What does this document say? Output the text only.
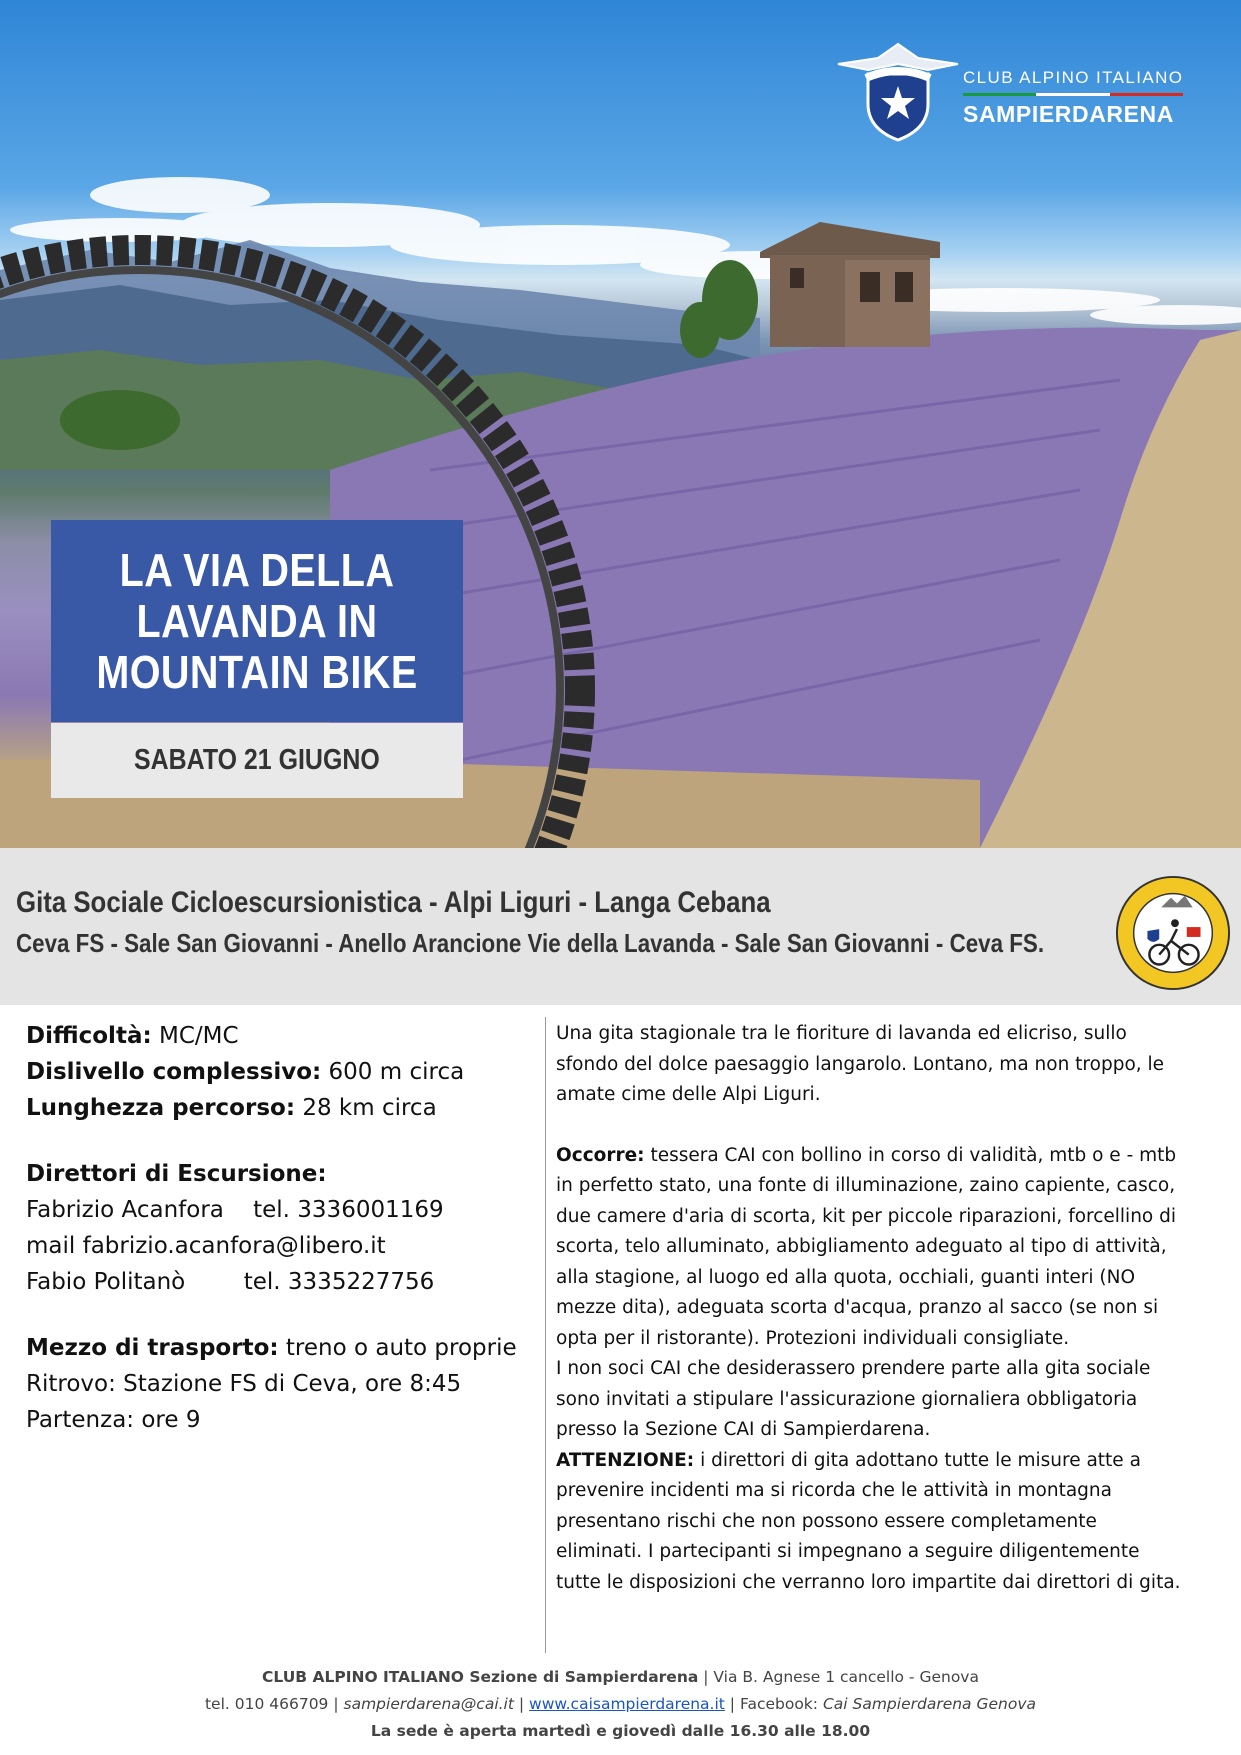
CLUB ALPINO ITALIANO
SAMPIERDARENA
LA VIA DELLA LAVANDA IN MOUNTAIN BIKE
SABATO 21 GIUGNO
Gita Sociale Cicloescursionistica - Alpi Liguri - Langa Cebana
Ceva FS - Sale San Giovanni - Anello Arancione Vie della Lavanda - Sale San Giovanni - Ceva FS.
Difficoltà: MC/MC
Dislivello complessivo: 600 m circa
Lunghezza percorso: 28 km circa
Direttori di Escursione:
Fabrizio Acanfora    tel. 3336001169
mail fabrizio.acanfora@libero.it
Fabio Politanò        tel. 3335227756
Mezzo di trasporto: treno o auto proprie
Ritrovo: Stazione FS di Ceva, ore 8:45
Partenza: ore 9

Una gita stagionale tra le fioriture di lavanda ed elicriso, sullo sfondo del dolce paesaggio langarolo. Lontano, ma non troppo, le amate cime delle Alpi Liguri.

Occorre: tessera CAI con bollino in corso di validità, mtb o e - mtb in perfetto stato, una fonte di illuminazione, zaino capiente, casco, due camere d'aria di scorta, kit per piccole riparazioni, forcellino di scorta, telo alluminato, abbigliamento adeguato al tipo di attività, alla stagione, al luogo ed alla quota, occhiali, guanti interi (NO mezze dita), adeguata scorta d'acqua, pranzo al sacco (se non si opta per il ristorante). Protezioni individuali consigliate.

I non soci CAI che desiderassero prendere parte alla gita sociale sono invitati a stipulare l'assicurazione giornaliera obbligatoria presso la Sezione CAI di Sampierdarena.

ATTENZIONE: i direttori di gita adottano tutte le misure atte a prevenire incidenti ma si ricorda che le attività in montagna presentano rischi che non possono essere completamente eliminati. I partecipanti si impegnano a seguire diligentemente tutte le disposizioni che verranno loro impartite dai direttori di gita.

CLUB ALPINO ITALIANO Sezione di Sampierdarena | Via B. Agnese 1 cancello - Genova
tel. 010 466709 | sampierdarena@cai.it | www.caisampierdarena.it | Facebook: Cai Sampierdarena Genova
La sede è aperta martedì e giovedì dalle 16.30 alle 18.00
